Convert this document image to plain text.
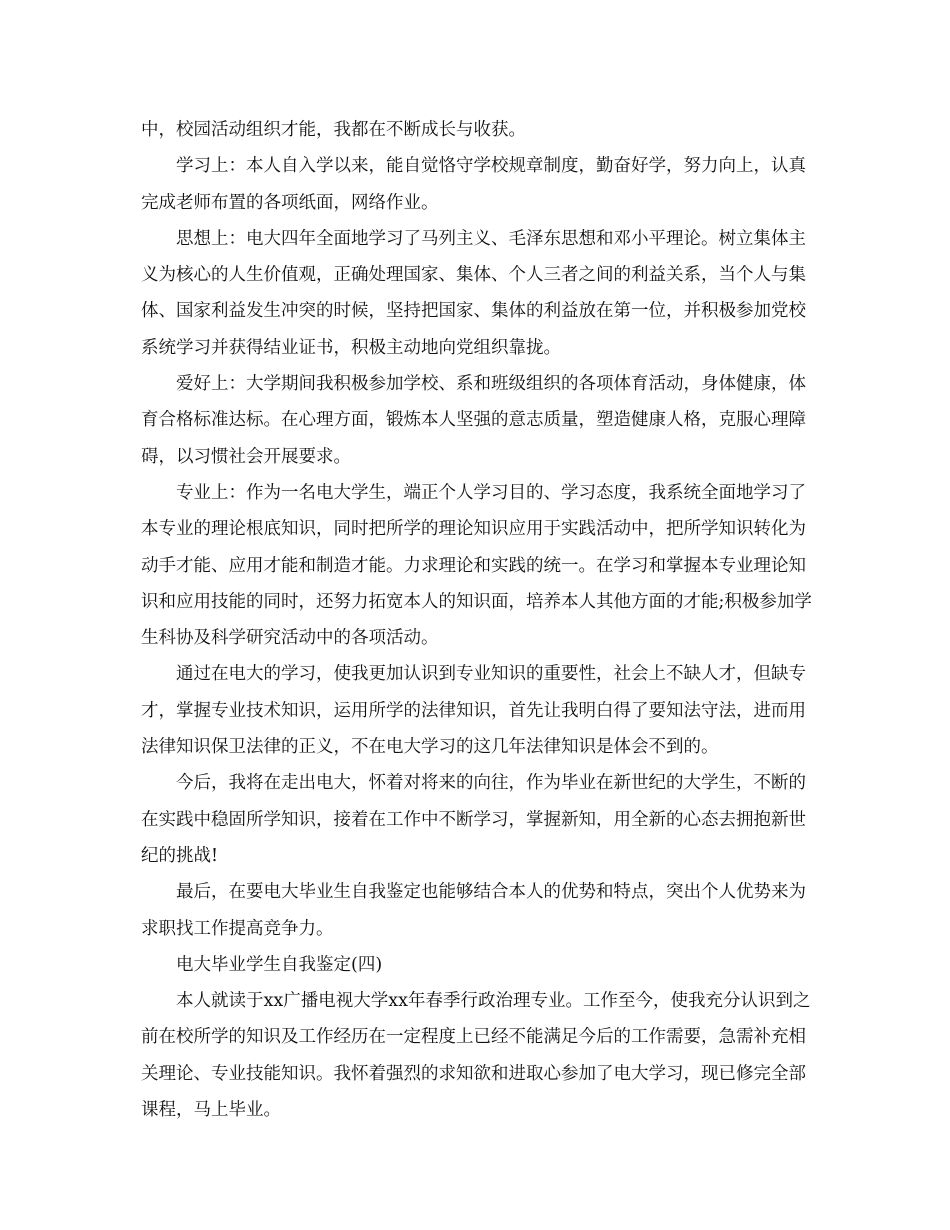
中，校园活动组织才能，我都在不断成长与收获。

学习上：本人自入学以来，能自觉恪守学校规章制度，勤奋好学，努力向上，认真完成老师布置的各项纸面，网络作业。

思想上：电大四年全面地学习了马列主义、毛泽东思想和邓小平理论。树立集体主义为核心的人生价值观，正确处理国家、集体、个人三者之间的利益关系，当个人与集体、国家利益发生冲突的时候，坚持把国家、集体的利益放在第一位，并积极参加党校系统学习并获得结业证书，积极主动地向党组织靠拢。

爱好上：大学期间我积极参加学校、系和班级组织的各项体育活动，身体健康，体育合格标准达标。在心理方面，锻炼本人坚强的意志质量，塑造健康人格，克服心理障碍，以习惯社会开展要求。

专业上：作为一名电大学生，端正个人学习目的、学习态度，我系统全面地学习了本专业的理论根底知识，同时把所学的理论知识应用于实践活动中，把所学知识转化为动手才能、应用才能和制造才能。力求理论和实践的统一。在学习和掌握本专业理论知识和应用技能的同时，还努力拓宽本人的知识面，培养本人其他方面的才能;积极参加学生科协及科学研究活动中的各项活动。

通过在电大的学习，使我更加认识到专业知识的重要性，社会上不缺人才，但缺专才，掌握专业技术知识，运用所学的法律知识，首先让我明白得了要知法守法，进而用法律知识保卫法律的正义，不在电大学习的这几年法律知识是体会不到的。

今后，我将在走出电大，怀着对将来的向往，作为毕业在新世纪的大学生，不断的在实践中稳固所学知识，接着在工作中不断学习，掌握新知，用全新的心态去拥抱新世纪的挑战!

最后，在要电大毕业生自我鉴定也能够结合本人的优势和特点，突出个人优势来为求职找工作提高竞争力。

电大毕业学生自我鉴定(四)

本人就读于xx广播电视大学xx年春季行政治理专业。工作至今，使我充分认识到之前在校所学的知识及工作经历在一定程度上已经不能满足今后的工作需要，急需补充相关理论、专业技能知识。我怀着强烈的求知欲和进取心参加了电大学习，现已修完全部课程，马上毕业。
